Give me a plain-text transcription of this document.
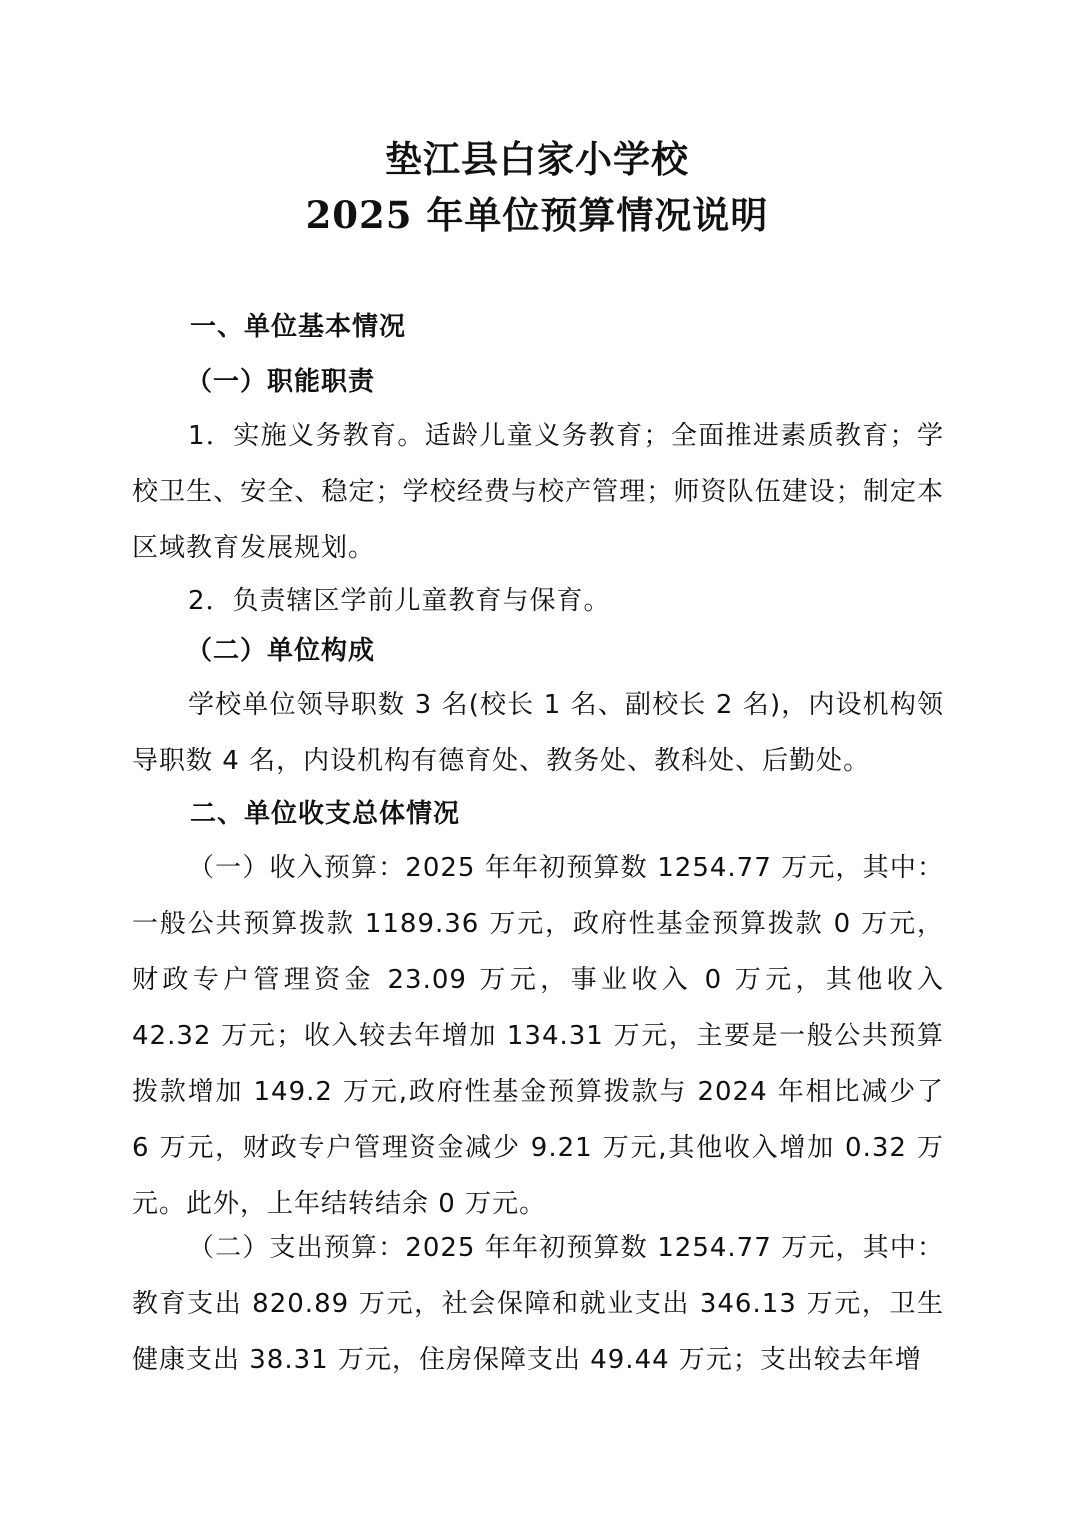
垫江县白家小学校
2025 年单位预算情况说明
一、单位基本情况
（一）职能职责

1．实施义务教育。适龄儿童义务教育；全面推进素质教育；学校卫生、安全、稳定；学校经费与校产管理；师资队伍建设；制定本区域教育发展规划。

2．负责辖区学前儿童教育与保育。

（二）单位构成

学校单位领导职数 3 名(校长 1 名、副校长 2 名)，内设机构领导职数 4 名，内设机构有德育处、教务处、教科处、后勤处。

二、单位收支总体情况

（一）收入预算：2025 年年初预算数 1254.77 万元，其中：一般公共预算拨款 1189.36 万元，政府性基金预算拨款 0 万元，财政专户管理资金 23.09 万元，事业收入 0 万元，其他收入 42.32 万元；收入较去年增加 134.31 万元，主要是一般公共预算拨款增加 149.2 万元,政府性基金预算拨款与 2024 年相比减少了 6 万元，财政专户管理资金减少 9.21 万元,其他收入增加 0.32 万元。此外，上年结转结余 0 万元。

（二）支出预算：2025 年年初预算数 1254.77 万元，其中：教育支出 820.89 万元，社会保障和就业支出 346.13 万元，卫生健康支出 38.31 万元，住房保障支出 49.44 万元；支出较去年增
